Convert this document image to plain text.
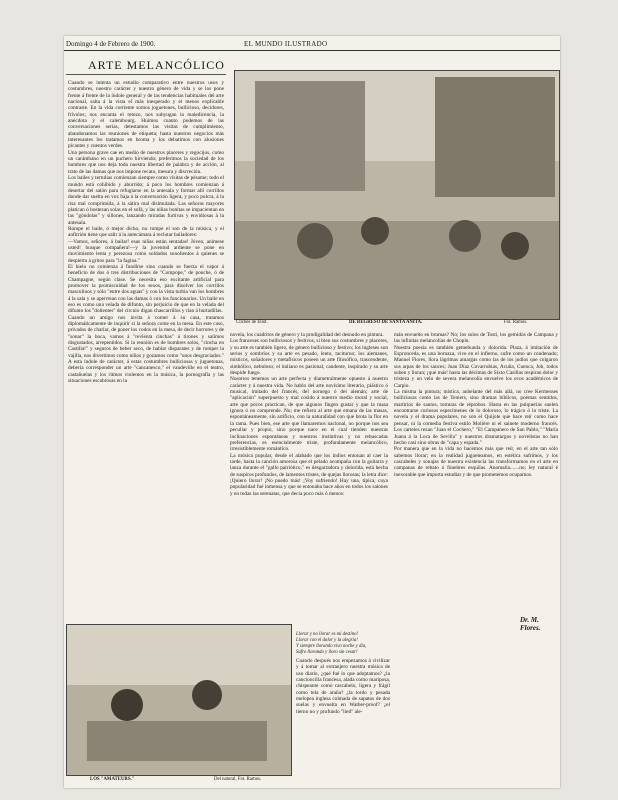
Domingo 4 de Febrero de 1900.	EL MUNDO ILUSTRADO
ARTE MELANCÓLICO
Cuando se intenta un estudio comparativo entre nuestros usos y costumbres, nuestro carácter y nuestro género de vida y se los pone frente á frente de la índole general y de las tendencias habituales del arte nacional, salta á la vista el más inesperado y el menos explicable contraste. En la vida corriente somos joguetones, bullicioso, decidores, frívolos; nos encanta el retozo, nos subyugan la maledicencia, la anécdota y el calembourg. Huimos cuanto podemos de las conversaciones serias, detestamos las visitas de cumplimiento, abandonamos las reuniones de etiqueta; hasta nuestros negocios más interesantes los tratamos en broma y los debatimos con alusiones picantes y cuentos verdes.
Una persona grave cae en medio de nuestros placeres y regocijos, como un carámbano en un puchero hirviendo; preferimos la sociedad de los hombres que nos deja toda nuestra libertad de palabra y de acción, al trato de las damas que nos impone recato, mesura y discreción.
Los bailes y tertulias comienzan siempre como visitas de pésame; todo el mundo está cohibido y aburrido; á poco los hombres comienzan á desertar del salón para refugiarse en la antesala y formar allí corrillos donde dar suelta en voz baja á la conversación ligera, y poco pulcra, á la risa mal comprimida, á la sátira mal disimulada. Las señoras mayores platican ó bostezan solas en el sofá, y las niñas bonitas se impacientan en las "góndolas" y sillones, lanzando miradas furtivas y envidiosas á la antesala.
Rompe el baile, ó mejor dicho, no rompe el son de la música, y el anfitrión tiene que salir á la antecámara á reclutar bailadores:
—Vamos, señores, á bailar! esas niñas están sentadas! Jóven, animese usted! busque compañera!—y la juventud ardiente se pone en movimiento lenta y perezosa como soldados sonolientos á quienes se despierta á gritos para "la fagina."
El hielo no comienza á fundirse sino cuando se fuerza el vapor á beneficio de dos ó tres distribuciones de "Compope," de ponche, ó de Champagne, según clase. Se necesita eso excitante artificial para promover la promiscuidad de los sexos, para disolver los corrillos masculinos y sólo "entre dos aguas" y con la vista turbia van los hombres á la sala y se aperrrean con las damas ó con los funcionarios. Un baile en eso es como una velada de difunto, sin perjuicio de que en la velada del difunto los "dolientes" del círculo digan chascarrillos y rían á hurtadillas.
Cuando un amigo nos invita á comer á su casa, tratamos diplomáticamente de inquirir si la señora come en la mesa. En este caso, privados de charlar, de poner los codos en la mesa, de decir horrores y de "sonar" la boca, vamos á "revienta cinchas" á tirones y salimos disgustados, arrepentidos. Si la reunión es de hombres solos, "cincha en Castilla!" y seguros de beber seco, de hablar disparates y de romper la vajilla, nos divertimos como niños y gozamos como "unos desgraciados."
A esta índole de carácter, á estas costumbres bulliciosas y juguetonas, debería corresponder un arte "cancanesco," el vaudeville en el teatro, castañuelas y los ritmos violentos en la música, la pornografía y las situaciones escabrosas en la
Clichés de Eliot.	DE REGRESO DE SANTA ANITA.	Fot. Ramos.
novela, los cuadritos de género y la prodigalidad del desnudo en pintura.
Los franceses son bulliciosos y festivos, si bien sus costumbres y placeres, y su arte es también ligero, de género bullicioso y festivo; los ingleses son serios y sombríos y su arte es pesado, lento, taciturno; los alemanes, místicos, soñadores y metafísicos poseen un arte filosófico, trascendente, simbólico, nebuloso; el italiano es pasional, candente, inspirado y su arte despide fuego.
Nosotros tenemos un arte perfecta y diametralmente opuesto á nuestro carácter y á nuestra vida. No hablo del arte novísimo literario, plástico ó musical, imitado del francés, del noruego ó del alemán; arte de "aplicación" superpuesto y mal cosido á nuestro medio moral y social, arte que pocos practican, de que algunos fingen gustar y que la masa ignora ó no comprende. No; me refiero al arte que emana de las masas, espontáneamente, sin artificio, con la naturalidad con que brota la flor en la rama. Pues bien, ese arte que llamaremos nacional, no porque nos sea peculiar y propio, sino porque nace en el cual tienden nuestras inclinaciones espontáneas y nuestros instintivas y no rebuscadas preferencias, es esencialmente triste, profundamente melancólico, irresistiblemente romántico.
La música popular, desde el alabado que los indios entonan al caer la tarde, hasta la canción amorosa que el pelado acompaña con la guitarra y lanza durante el "gallo patriótico," es desgarradora y dolorida, está hecha de suspiros profundos, de lamentos tristes, de quejas llorosas; la letra dice: ¡Quiero llorar! ¡No puedo más! ¡Voy sufriendo! Hay una, típica, cuya popularidad fué inmensa y que se entonaba hace años en todos los salones y en todas las serenatas, que decía poco más ó menos:
mán envuelto en brumas? No; los solos de Tosti, los gemidos de Campana y las infinitas melancolías de Chopin.
Nuestra poesía es también gemebunda y dolorida. Plaza, á imitación de Espronceda, es una hornaza, vive en el infierno, sufre como un condenado; Manuel Flores, llora lágrimas amargas como las de los judíos que colgaron sus arpas de los sauces; Juan Díaz Covarrubias, Acuña, Cuenca, Job, todos suben y lloran; ¡qué más! hasta las décimas de Sixto Casillas respiran dolor y tristeza y un velo de severa melancolía envuelve los ecos académicos de Carpio.
La misma la pintura; mística, anhelante del más allá, no cree Kermesses bulliciosas como las de Teniers, sino dramas bíblicos, poemas sentidos, martirios de santos, torturas de réprobos. Hasta en las pulquerías suelen encontrarse curiosos especímenes de lo doloroso, lo trágico ó lo triste. La novela y el drama populares, no son el Quijote que hace reír como hace pensar, ni la comedia festiva estilo Molière ni el sainete moderno francés. Los carteles rezan "Juan el Cochero," "El Campanero de San Pablo," "María Juana á la Loca de Sevilla" y nuestros dramaturgos y novelistas no han hecho casi sino obras de "capa y espada."
Por manera que en la vida no hacemos más que reír, en el arte tan sólo sabemos llorar; en la realidad jugueteamos, en estética sufrimos, y los cascabeles y sonajas de nuestra existencia las transformamos en el arte en campanas de rebato ó fúnebres esquilas. Anomalía.......no; ley natural é inexorable que importa estudiar y de que prometemos ocuparnos.
Dr. M. Flores.
LOS "AMATEURS."	Del natural, Fot. Ramos.
Llorar y no llorar es mi destino!
Llorar con el dolor y la alegría!
Y siempre llorando vivo noche y día,
Sufro llorando y lloro sin cesar!
Cuando después nos empezamos á civilizar y á tomar al extranjero nuestra música de uso diario, ¿qué fué lo que adoptamos? ¿la cancioncilla francesa, alada como mariposa, chispeante como cascabelo, ligera y frágil como tela de araña? ¿la tordo y pesada melopea inglesa colmada de sapatos de dos suelas y envuelta en Wather-proof? ¿el tierno no y profundo "lied" ale-
